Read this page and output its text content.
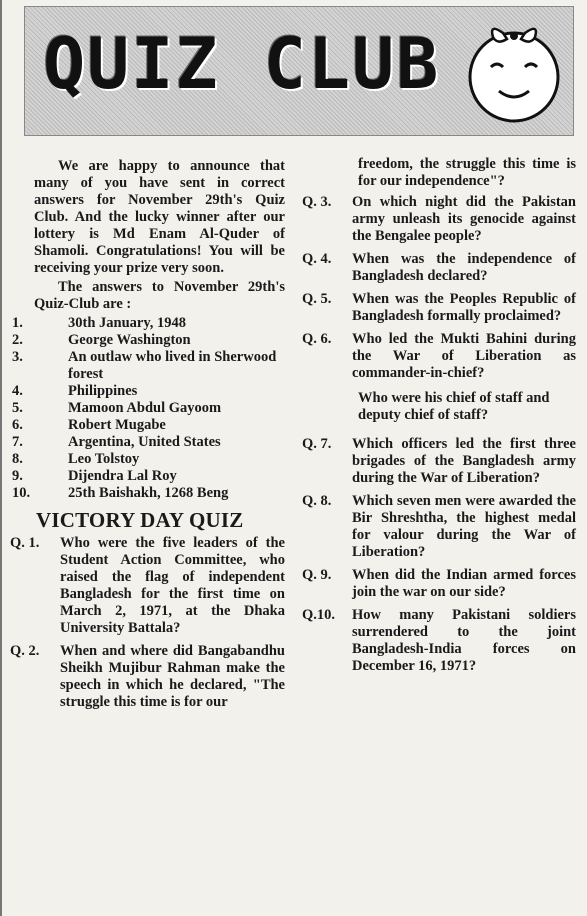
QUIZ CLUB

We are happy to announce that many of you have sent in correct answers for November 29th's Quiz Club. And the lucky winner after our lottery is Md Enam Al-Quder of Shamoli. Congratulations! You will be receiving your prize very soon.

The answers to November 29th's Quiz-Club are :

1.	30th January, 1948
2.	George Washington
3.	An outlaw who lived in Sherwood forest
4.	Philippines
5.	Mamoon Abdul Gayoom
6.	Robert Mugabe
7.	Argentina, United States
8.	Leo Tolstoy
9.	Dijendra Lal Roy
10.	25th Baishakh, 1268 Beng
VICTORY DAY QUIZ
Q. 1.	Who were the five leaders of the Student Action Committee, who raised the flag of independent Bangladesh for the first time on March 2, 1971, at the Dhaka University Battala?
Q. 2.	When and where did Bangabandhu Sheikh Mujibur Rahman make the speech in which he declared, "The struggle this time is for our
freedom, the struggle this time is for our independence"?
Q. 3.	On which night did the Pakistan army unleash its genocide against the Bengalee people?
Q. 4.	When was the independence of Bangladesh declared?
Q. 5.	When was the Peoples Republic of Bangladesh formally proclaimed?
Q. 6.	Who led the Mukti Bahini during the War of Liberation as commander-in-chief?
Who were his chief of staff and deputy chief of staff?
Q. 7.	Which officers led the first three brigades of the Bangladesh army during the War of Liberation?
Q. 8.	Which seven men were awarded the Bir Shreshtha, the highest medal for valour during the War of Liberation?
Q. 9.	When did the Indian armed forces join the war on our side?
Q.10.	How many Pakistani soldiers surrendered to the joint Bangladesh-India forces on December 16, 1971?
